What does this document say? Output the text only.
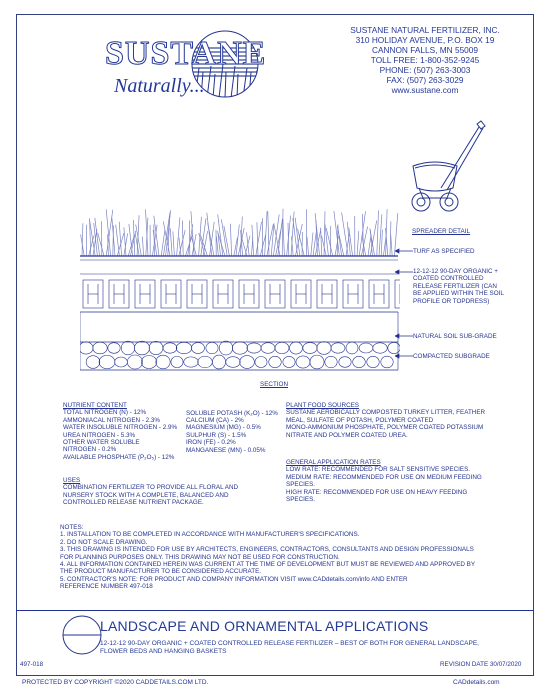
SUSTANE
Naturally...
SUSTANE NATURAL FERTILIZER, INC.
310 HOLIDAY AVENUE, P.O. BOX 19
CANNON FALLS, MN 55009
TOLL FREE: 1-800-352-9245
PHONE: (507) 263-3003
FAX: (507) 263-3029
www.sustane.com
SPREADER DETAIL
TURF AS SPECIFIED
12-12-12 90-DAY ORGANIC +
COATED CONTROLLED
RELEASE FERTILIZER (CAN
BE APPLIED WITHIN THE SOIL
PROFILE OR TOPDRESS)
NATURAL SOIL SUB-GRADE
COMPACTED SUBGRADE
SECTION
NUTRIENT CONTENT
TOTAL NITROGEN (N) - 12%
AMMONIACAL NITROGEN - 2.3%
WATER INSOLUBLE NITROGEN - 2.9%
UREA NITROGEN - 5.3%
OTHER WATER SOLUBLE
NITROGEN - 0.2%
AVAILABLE PHOSPHATE (P₂O₅) - 12%
SOLUBLE POTASH (K₂O) - 12%
CALCIUM (CA) - 2%
MAGNESIUM (MG) - 0.5%
SULPHUR (S) - 1.5%
IRON (FE) - 0.2%
MANGANESE (MN) - 0.05%
USES
COMBINATION FERTILIZER TO PROVIDE ALL FLORAL AND
NURSERY STOCK WITH A COMPLETE, BALANCED AND
CONTROLLED RELEASE NUTRIENT PACKAGE.
PLANT FOOD SOURCES
SUSTANE AEROBICALLY COMPOSTED TURKEY LITTER, FEATHER
MEAL, SULFATE OF POTASH, POLYMER COATED
MONO-AMMONIUM PHOSPHATE, POLYMER COATED POTASSIUM
NITRATE AND POLYMER COATED UREA.
GENERAL APPLICATION RATES
LOW RATE: RECOMMENDED FOR SALT SENSITIVE SPECIES.
MEDIUM RATE: RECOMMENDED FOR USE ON MEDIUM FEEDING
SPECIES.
HIGH RATE: RECOMMENDED FOR USE ON HEAVY FEEDING
SPECIES.
NOTES:
1. INSTALLATION TO BE COMPLETED IN ACCORDANCE WITH MANUFACTURER'S SPECIFICATIONS.
2. DO NOT SCALE DRAWING.
3. THIS DRAWING IS INTENDED FOR USE BY ARCHITECTS, ENGINEERS, CONTRACTORS, CONSULTANTS AND DESIGN PROFESSIONALS
FOR PLANNING PURPOSES ONLY. THIS DRAWING MAY NOT BE USED FOR CONSTRUCTION.
4. ALL INFORMATION CONTAINED HEREIN WAS CURRENT AT THE TIME OF DEVELOPMENT BUT MUST BE REVIEWED AND APPROVED BY
THE PRODUCT MANUFACTURER TO BE CONSIDERED ACCURATE.
5. CONTRACTOR'S NOTE: FOR PRODUCT AND COMPANY INFORMATION VISIT www.CADdetails.com/info AND ENTER
REFERENCE NUMBER 497-018
LANDSCAPE AND ORNAMENTAL APPLICATIONS
12-12-12 90-DAY ORGANIC + COATED CONTROLLED RELEASE FERTILIZER – BEST OF BOTH FOR GENERAL LANDSCAPE, FLOWER BEDS AND HANGING BASKETS
497-018	REVISION DATE 30/07/2020
PROTECTED BY COPYRIGHT ©2020 CADDETAILS.COM LTD.	CADdetails.com
